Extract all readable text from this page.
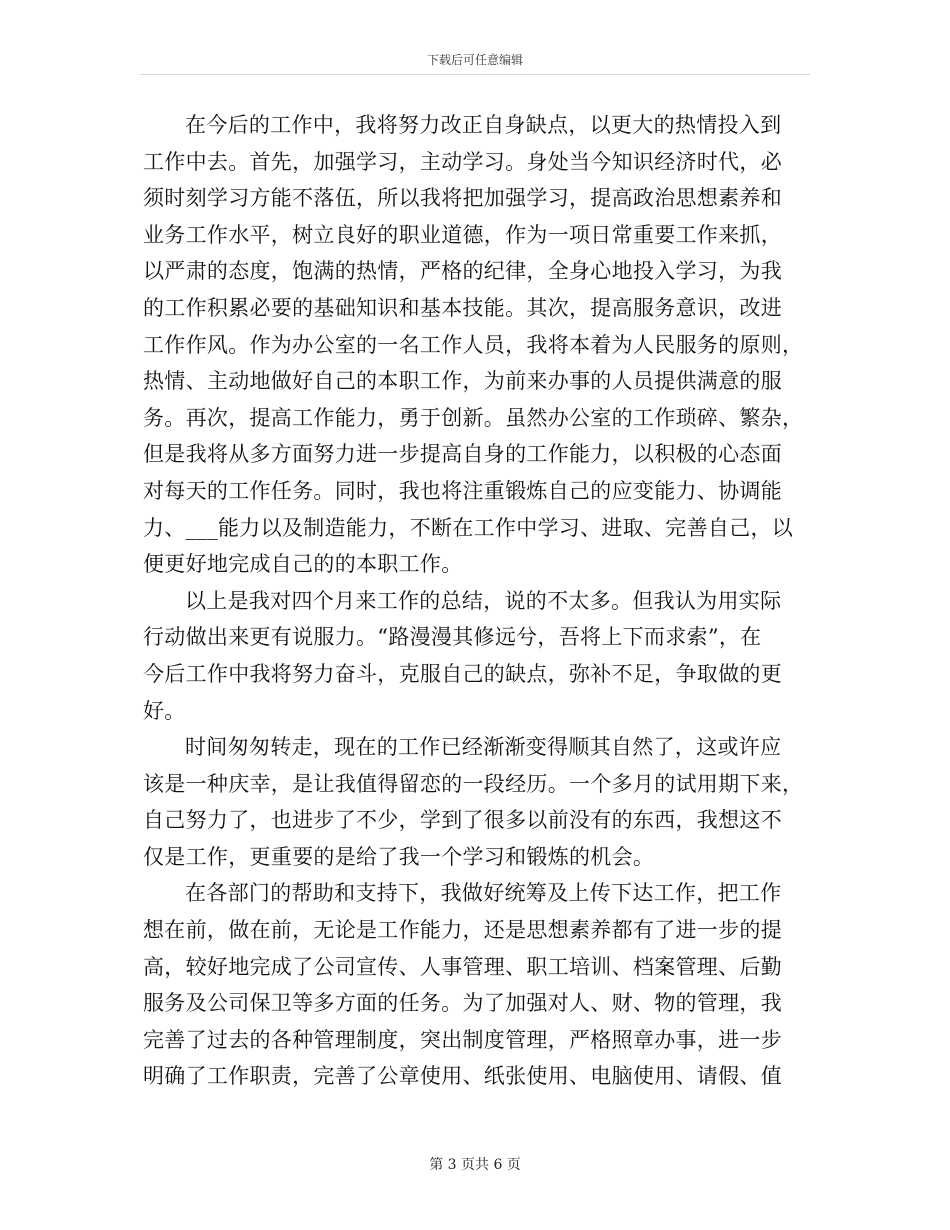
下载后可任意编辑
在今后的工作中，我将努力改正自身缺点，以更大的热情投入到
工作中去。首先，加强学习，主动学习。身处当今知识经济时代，必
须时刻学习方能不落伍，所以我将把加强学习，提高政治思想素养和
业务工作水平，树立良好的职业道德，作为一项日常重要工作来抓，
以严肃的态度，饱满的热情，严格的纪律，全身心地投入学习，为我
的工作积累必要的基础知识和基本技能。其次，提高服务意识，改进
工作作风。作为办公室的一名工作人员，我将本着为人民服务的原则，
热情、主动地做好自己的本职工作，为前来办事的人员提供满意的服
务。再次，提高工作能力，勇于创新。虽然办公室的工作琐碎、繁杂，
但是我将从多方面努力进一步提高自身的工作能力，以积极的心态面
对每天的工作任务。同时，我也将注重锻炼自己的应变能力、协调能
力、___能力以及制造能力，不断在工作中学习、进取、完善自己，以
便更好地完成自己的的本职工作。
以上是我对四个月来工作的总结，说的不太多。但我认为用实际
行动做出来更有说服力。“路漫漫其修远兮，吾将上下而求索”，在
今后工作中我将努力奋斗，克服自己的缺点，弥补不足，争取做的更
好。
时间匆匆转走，现在的工作已经渐渐变得顺其自然了，这或许应
该是一种庆幸，是让我值得留恋的一段经历。一个多月的试用期下来，
自己努力了，也进步了不少，学到了很多以前没有的东西，我想这不
仅是工作，更重要的是给了我一个学习和锻炼的机会。
在各部门的帮助和支持下，我做好统筹及上传下达工作，把工作
想在前，做在前，无论是工作能力，还是思想素养都有了进一步的提
高，较好地完成了公司宣传、人事管理、职工培训、档案管理、后勤
服务及公司保卫等多方面的任务。为了加强对人、财、物的管理，我
完善了过去的各种管理制度，突出制度管理，严格照章办事，进一步
明确了工作职责，完善了公章使用、纸张使用、电脑使用、请假、值
第 3 页共 6 页
